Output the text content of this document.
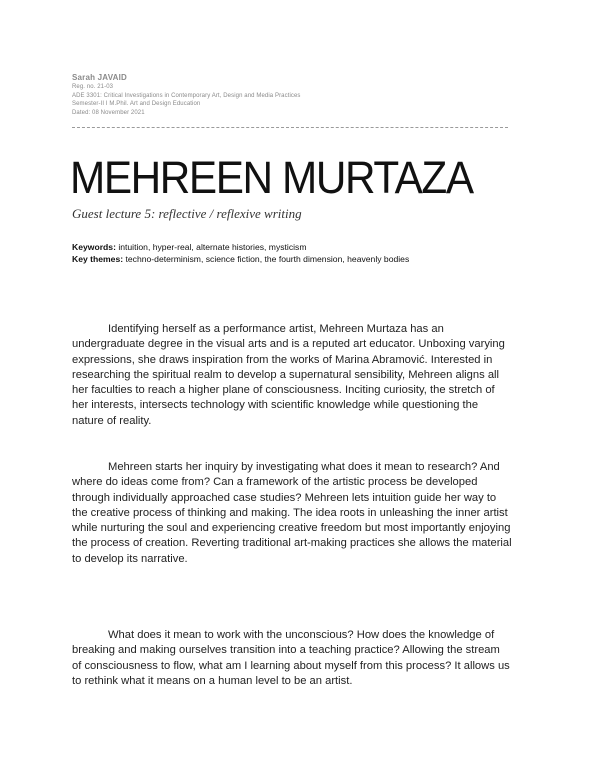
Sarah JAVAID
Reg. no. 21-03
ADE 3301: Critical Investigations in Contemporary Art, Design and Media Practices
Semester-II I M.Phil. Art and Design Education
Dated: 08 November 2021
MEHREEN MURTAZA
Guest lecture 5: reflective / reflexive writing
Keywords: intuition, hyper-real, alternate histories, mysticism
Key themes: techno-determinism, science fiction, the fourth dimension, heavenly bodies

Identifying herself as a performance artist, Mehreen Murtaza has an undergraduate degree in the visual arts and is a reputed art educator. Unboxing varying expressions, she draws inspiration from the works of Marina Abramović. Interested in researching the spiritual realm to develop a supernatural sensibility, Mehreen aligns all her faculties to reach a higher plane of consciousness. Inciting curiosity, the stretch of her interests, intersects technology with scientific knowledge while questioning the nature of reality.

Mehreen starts her inquiry by investigating what does it mean to research? And where do ideas come from? Can a framework of the artistic process be developed through individually approached case studies? Mehreen lets intuition guide her way to the creative process of thinking and making. The idea roots in unleashing the inner artist while nurturing the soul and experiencing creative freedom but most importantly enjoying the process of creation. Reverting traditional art-making practices she allows the material to develop its narrative.

What does it mean to work with the unconscious? How does the knowledge of breaking and making ourselves transition into a teaching practice? Allowing the stream of consciousness to flow, what am I learning about myself from this process? It allows us to rethink what it means on a human level to be an artist.
